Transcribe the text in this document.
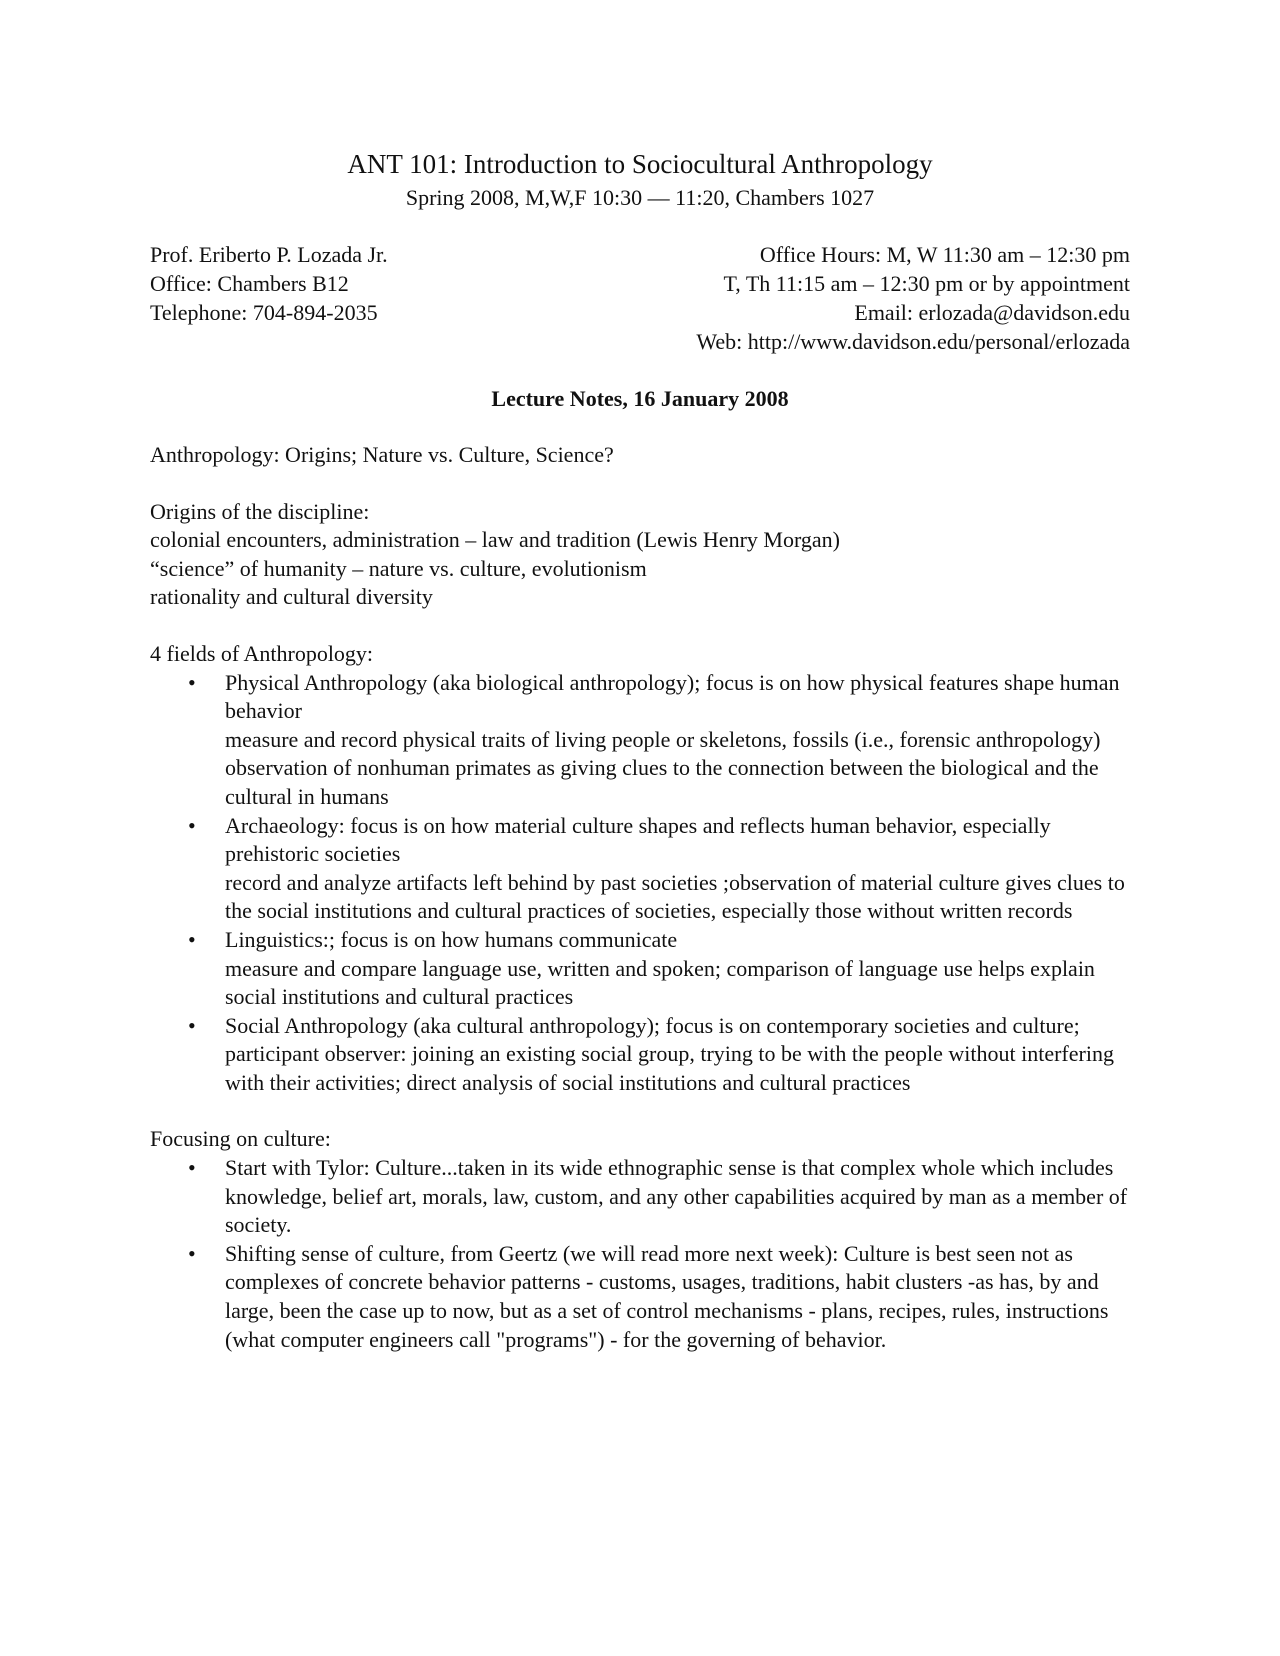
ANT 101: Introduction to Sociocultural Anthropology
Spring 2008, M,W,F 10:30 — 11:20, Chambers 1027
Prof. Eriberto P. Lozada Jr.
Office: Chambers B12
Telephone: 704-894-2035
Office Hours: M, W 11:30 am – 12:30 pm
T, Th 11:15 am – 12:30 pm or by appointment
Email: erlozada@davidson.edu
Web: http://www.davidson.edu/personal/erlozada
Lecture Notes, 16 January 2008

Anthropology: Origins; Nature vs. Culture, Science?

Origins of the discipline:

colonial encounters, administration – law and tradition (Lewis Henry Morgan)

“science” of humanity – nature vs. culture, evolutionism

rationality and cultural diversity

4 fields of Anthropology:

• Physical Anthropology (aka biological anthropology); focus is on how physical features shape human behavior

measure and record physical traits of living people or skeletons, fossils (i.e., forensic anthropology)

observation of nonhuman primates as giving clues to the connection between the biological and the cultural in humans

• Archaeology: focus is on how material culture shapes and reflects human behavior, especially prehistoric societies

record and analyze artifacts left behind by past societies ;observation of material culture gives clues to the social institutions and cultural practices of societies, especially those without written records

• Linguistics:; focus is on how humans communicate

measure and compare language use, written and spoken; comparison of language use helps explain social institutions and cultural practices

• Social Anthropology (aka cultural anthropology); focus is on contemporary societies and culture;

participant observer: joining an existing social group, trying to be with the people without interfering with their activities; direct analysis of social institutions and cultural practices

Focusing on culture:

• Start with Tylor: Culture...taken in its wide ethnographic sense is that complex whole which includes knowledge, belief art, morals, law, custom, and any other capabilities acquired by man as a member of society.

• Shifting sense of culture, from Geertz (we will read more next week): Culture is best seen not as complexes of concrete behavior patterns - customs, usages, traditions, habit clusters -as has, by and large, been the case up to now, but as a set of control mechanisms - plans, recipes, rules, instructions (what computer engineers call "programs") - for the governing of behavior.
